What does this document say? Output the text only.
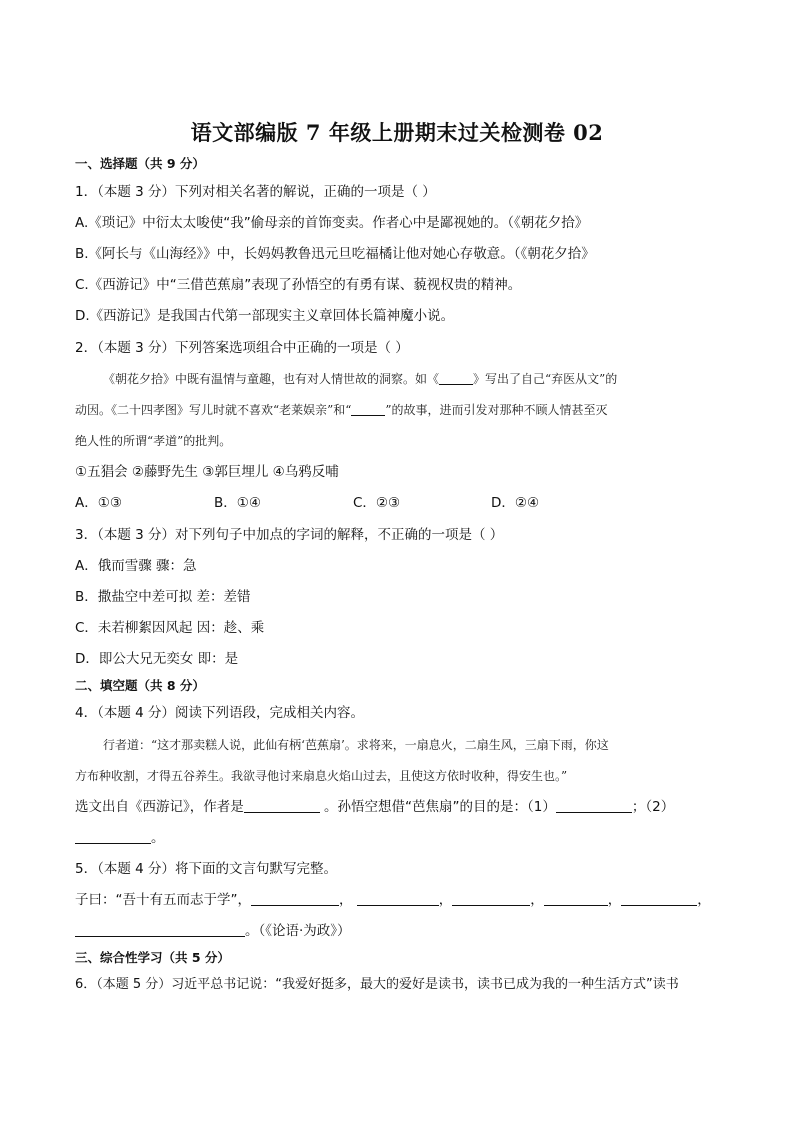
语文部编版 7 年级上册期末过关检测卷 02
一、选择题（共 9 分）
1．（本题 3 分）下列对相关名著的解说，正确的一项是（ ）
A.《琐记》中衍太太唆使“我”偷母亲的首饰变卖。作者心中是鄙视她的。（《朝花夕拾》
B.《阿长与《山海经》》中，长妈妈教鲁迅元旦吃福橘让他对她心存敬意。（《朝花夕拾》
C.《西游记》中“三借芭蕉扇”表现了孙悟空的有勇有谋、藐视权贵的精神。
D.《西游记》是我国古代第一部现实主义章回体长篇神魔小说。
2．（本题 3 分）下列答案选项组合中正确的一项是（ ）
《朝花夕拾》中既有温情与童趣，也有对人情世故的洞察。如《	》写出了自己“弃医从文”的
动因。《二十四孝图》写儿时就不喜欢“老莱娱亲”和“	”的故事，进而引发对那种不顾人情甚至灭
绝人性的所谓“孝道”的批判。
①五猖会 ②藤野先生 ③郭巨埋儿 ④乌鸦反哺
A．①③	B．①④	C．②③	D．②④
3．（本题 3 分）对下列句子中加点的字词的解释，不正确的一项是（ ）
A．俄而雪骤 骤：急
B．撒盐空中差可拟 差：差错
C．未若柳絮因风起 因：趁、乘
D．即公大兄无奕女 即：是
二、填空题（共 8 分）
4．（本题 4 分）阅读下列语段，完成相关内容。
行者道：“这才那卖糕人说，此仙有柄‘芭蕉扇’。求将来，一扇息火，二扇生风，三扇下雨，你这
方布种收割，才得五谷养生。我欲寻他讨来扇息火焰山过去，且使这方依时收种，得安生也。”
选文出自《西游记》，作者是	。孙悟空想借“芭焦扇”的目的是：（1）	；（2）
。
5．（本题 4 分）将下面的文言句默写完整。
子曰：“吾十有五而志于学”，	，	，	，	，	，
。（《论语·为政》）
三、综合性学习（共 5 分）
6．（本题 5 分）习近平总书记说：“我爱好挺多，最大的爱好是读书，读书已成为我的一种生活方式”读书
